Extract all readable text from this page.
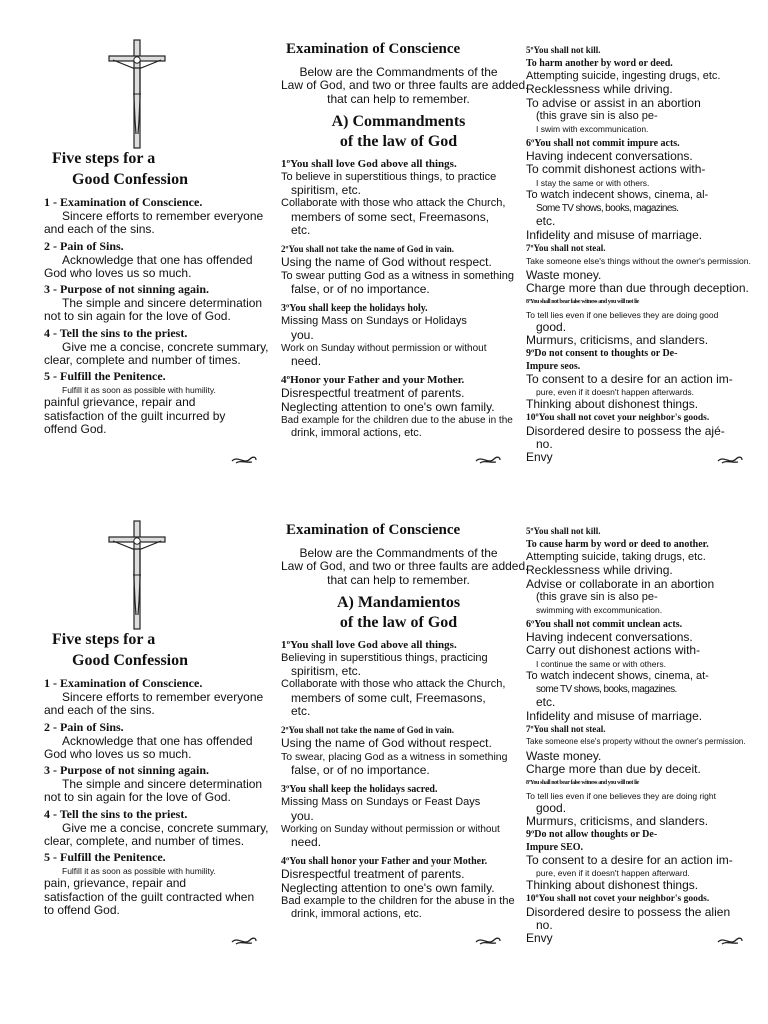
Five steps for a
Good Confession
1 - Examination of Conscience.
Sincere efforts to remember everyone
and each of the sins.
2 - Pain of Sins.
Acknowledge that one has offended
God who loves us so much.
3 - Purpose of not sinning again.
The simple and sincere determination
not to sin again for the love of God.
4 - Tell the sins to the priest.
Give me a concise, concrete summary,
clear, complete and number of times.
5 - Fulfill the Penitence.
Fulfill it as soon as possible with humility.
painful grievance, repair and
satisfaction of the guilt incurred by
offend God.
Examination of Conscience
Below are the Commandments of the
Law of God, and two or three faults are added.
that can help to remember.
A) Commandments
of the law of God
1ºYou shall love God above all things.
To believe in superstitious things, to practice
spiritism, etc.
Collaborate with those who attack the Church,
members of some sect, Freemasons,
etc.
2ºYou shall not take the name of God in vain.
Using the name of God without respect.
To swear putting God as a witness in something
false, or of no importance.
3ºYou shall keep the holidays holy.
Missing Mass on Sundays or Holidays
you.
Work on Sunday without permission or without
need.
4ºHonor your Father and your Mother.
Disrespectful treatment of parents.
Neglecting attention to one's own family.
Bad example for the children due to the abuse in the
drink, immoral actions, etc.
5ºYou shall not kill.
To harm another by word or deed.
Attempting suicide, ingesting drugs, etc.
Recklessness while driving.
To advise or assist in an abortion
(this grave sin is also pe-
I swim with excommunication.
6ºYou shall not commit impure acts.
Having indecent conversations.
To commit dishonest actions with-
I stay the same or with others.
To watch indecent shows, cinema, al-
Some TV shows, books, magazines.
etc.
Infidelity and misuse of marriage.
7ºYou shall not steal.
Take someone else's things without the owner's permission.
Waste money.
Charge more than due through deception.
8ºYou shall not bear false witness and you will not lie
To tell lies even if one believes they are doing good
good.
Murmurs, criticisms, and slanders.
9ºDo not consent to thoughts or De-
Impure seos.
To consent to a desire for an action im-
pure, even if it doesn't happen afterwards.
Thinking about dishonest things.
10ºYou shall not covet your neighbor's goods.
Disordered desire to possess the ajé-
no.
Envy
Five steps for a
Good Confession
1 - Examination of Conscience.
Sincere efforts to remember everyone
and each of the sins.
2 - Pain of Sins.
Acknowledge that one has offended
God who loves us so much.
3 - Purpose of not sinning again.
The simple and sincere determination
not to sin again for the love of God.
4 - Tell the sins to the priest.
Give me a concise, concrete summary,
clear, complete, and number of times.
5 - Fulfill the Penitence.
Fulfill it as soon as possible with humility.
pain, grievance, repair and
satisfaction of the guilt contracted when
to offend God.
Examination of Conscience
Below are the Commandments of the
Law of God, and two or three faults are added.
that can help to remember.
A) Mandamientos
of the law of God
1ºYou shall love God above all things.
Believing in superstitious things, practicing
spiritism, etc.
Collaborate with those who attack the Church,
members of some cult, Freemasons,
etc.
2ºYou shall not take the name of God in vain.
Using the name of God without respect.
To swear, placing God as a witness in something
false, or of no importance.
3ºYou shall keep the holidays sacred.
Missing Mass on Sundays or Feast Days
you.
Working on Sunday without permission or without
need.
4ºYou shall honor your Father and your Mother.
Disrespectful treatment of parents.
Neglecting attention to one's own family.
Bad example to the children for the abuse in the
drink, immoral actions, etc.
5ºYou shall not kill.
To cause harm by word or deed to another.
Attempting suicide, taking drugs, etc.
Recklessness while driving.
Advise or collaborate in an abortion
(this grave sin is also pe-
swimming with excommunication.
6ºYou shall not commit unclean acts.
Having indecent conversations.
Carry out dishonest actions with-
I continue the same or with others.
To watch indecent shows, cinema, at-
some TV shows, books, magazines.
etc.
Infidelity and misuse of marriage.
7ºYou shall not steal.
Take someone else's property without the owner's permission.
Waste money.
Charge more than due by deceit.
8ºYou shall not bear false witness and you will not lie
To tell lies even if one believes they are doing right
good.
Murmurs, criticisms, and slanders.
9ºDo not allow thoughts or De-
Impure SEO.
To consent to a desire for an action im-
pure, even if it doesn't happen afterward.
Thinking about dishonest things.
10ºYou shall not covet your neighbor's goods.
Disordered desire to possess the alien
no.
Envy
